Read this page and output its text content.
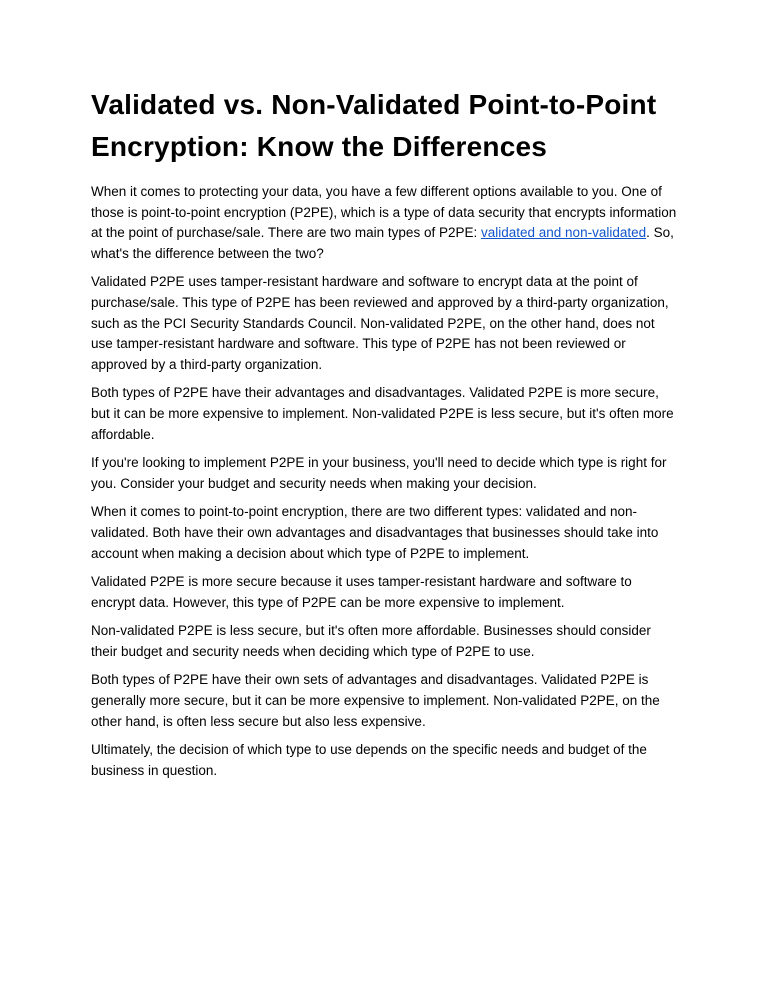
Validated vs. Non-Validated Point-to-Point Encryption: Know the Differences

When it comes to protecting your data, you have a few different options available to you. One of those is point-to-point encryption (P2PE), which is a type of data security that encrypts information at the point of purchase/sale. There are two main types of P2PE: validated and non-validated. So, what's the difference between the two?

Validated P2PE uses tamper-resistant hardware and software to encrypt data at the point of purchase/sale. This type of P2PE has been reviewed and approved by a third-party organization, such as the PCI Security Standards Council. Non-validated P2PE, on the other hand, does not use tamper-resistant hardware and software. This type of P2PE has not been reviewed or approved by a third-party organization.

Both types of P2PE have their advantages and disadvantages. Validated P2PE is more secure, but it can be more expensive to implement. Non-validated P2PE is less secure, but it's often more affordable.

If you're looking to implement P2PE in your business, you'll need to decide which type is right for you. Consider your budget and security needs when making your decision.

When it comes to point-to-point encryption, there are two different types: validated and non-validated. Both have their own advantages and disadvantages that businesses should take into account when making a decision about which type of P2PE to implement.

Validated P2PE is more secure because it uses tamper-resistant hardware and software to encrypt data. However, this type of P2PE can be more expensive to implement.

Non-validated P2PE is less secure, but it's often more affordable. Businesses should consider their budget and security needs when deciding which type of P2PE to use.

Both types of P2PE have their own sets of advantages and disadvantages. Validated P2PE is generally more secure, but it can be more expensive to implement. Non-validated P2PE, on the other hand, is often less secure but also less expensive.

Ultimately, the decision of which type to use depends on the specific needs and budget of the business in question.
